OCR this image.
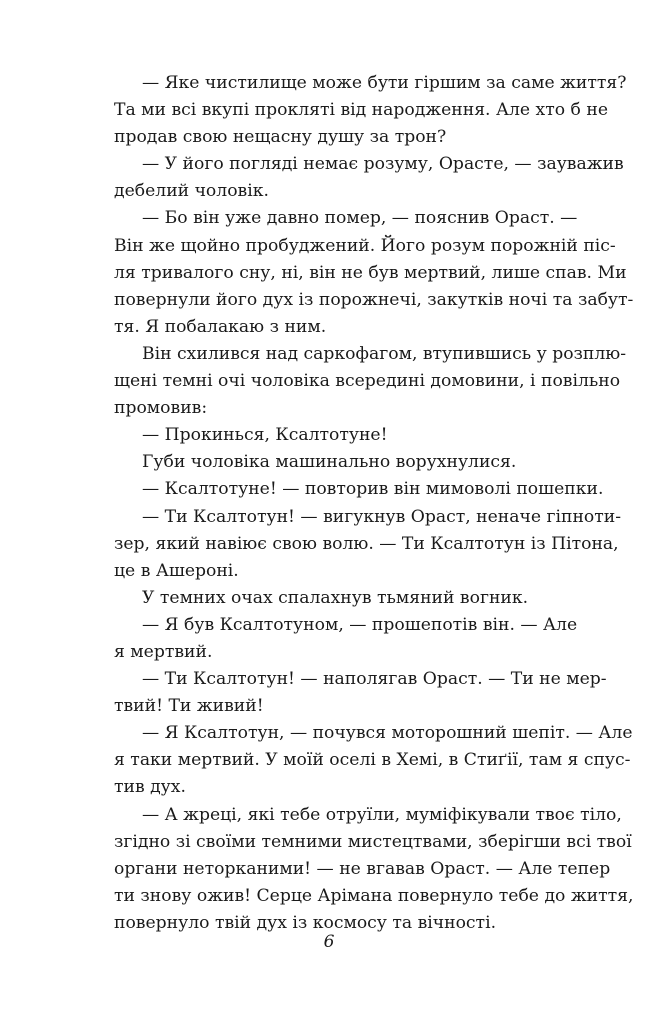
— Яке чистилище може бути гіршим за саме життя?
Та ми всі вкупі прокляті від народження. Але хто б не
продав свою нещасну душу за трон?
— У його погляді немає розуму, Орасте, — зауважив
дебелий чоловік.
— Бо він уже давно помер, — пояснив Ораст. —
Він же щойно пробуджений. Його розум порожній піс-
ля тривалого сну, ні, він не був мертвий, лише спав. Ми
повернули його дух із порожнечі, закутків ночі та забут-
тя. Я побалакаю з ним.
Він схилився над саркофагом, втупившись у розплю-
щені темні очі чоловіка всередині домовини, і повільно
промовив:
— Прокинься, Ксалтотуне!
Губи чоловіка машинально ворухнулися.
— Ксалтотуне! — повторив він мимоволі пошепки.
— Ти Ксалтотун! — вигукнув Ораст, неначе гіпноти-
зер, який навіює свою волю. — Ти Ксалтотун із Пітона,
це в Ашероні.
У темних очах спалахнув тьмяний вогник.
— Я був Ксалтотуном, — прошепотів він. — Але
я мертвий.
— Ти Ксалтотун! — наполягав Ораст. — Ти не мер-
твий! Ти живий!
— Я Ксалтотун, — почувся моторошний шепіт. — Але
я таки мертвий. У моїй оселі в Хемі, в Стиґії, там я спус-
тив дух.
— А жреці, які тебе отруїли, муміфікували твоє тіло,
згідно зі своїми темними мистецтвами, зберігши всі твої
органи неторканими! — не вгавав Ораст. — Але тепер
ти знову ожив! Серце Арімана повернуло тебе до життя,
повернуло твій дух із космосу та вічності.
6
